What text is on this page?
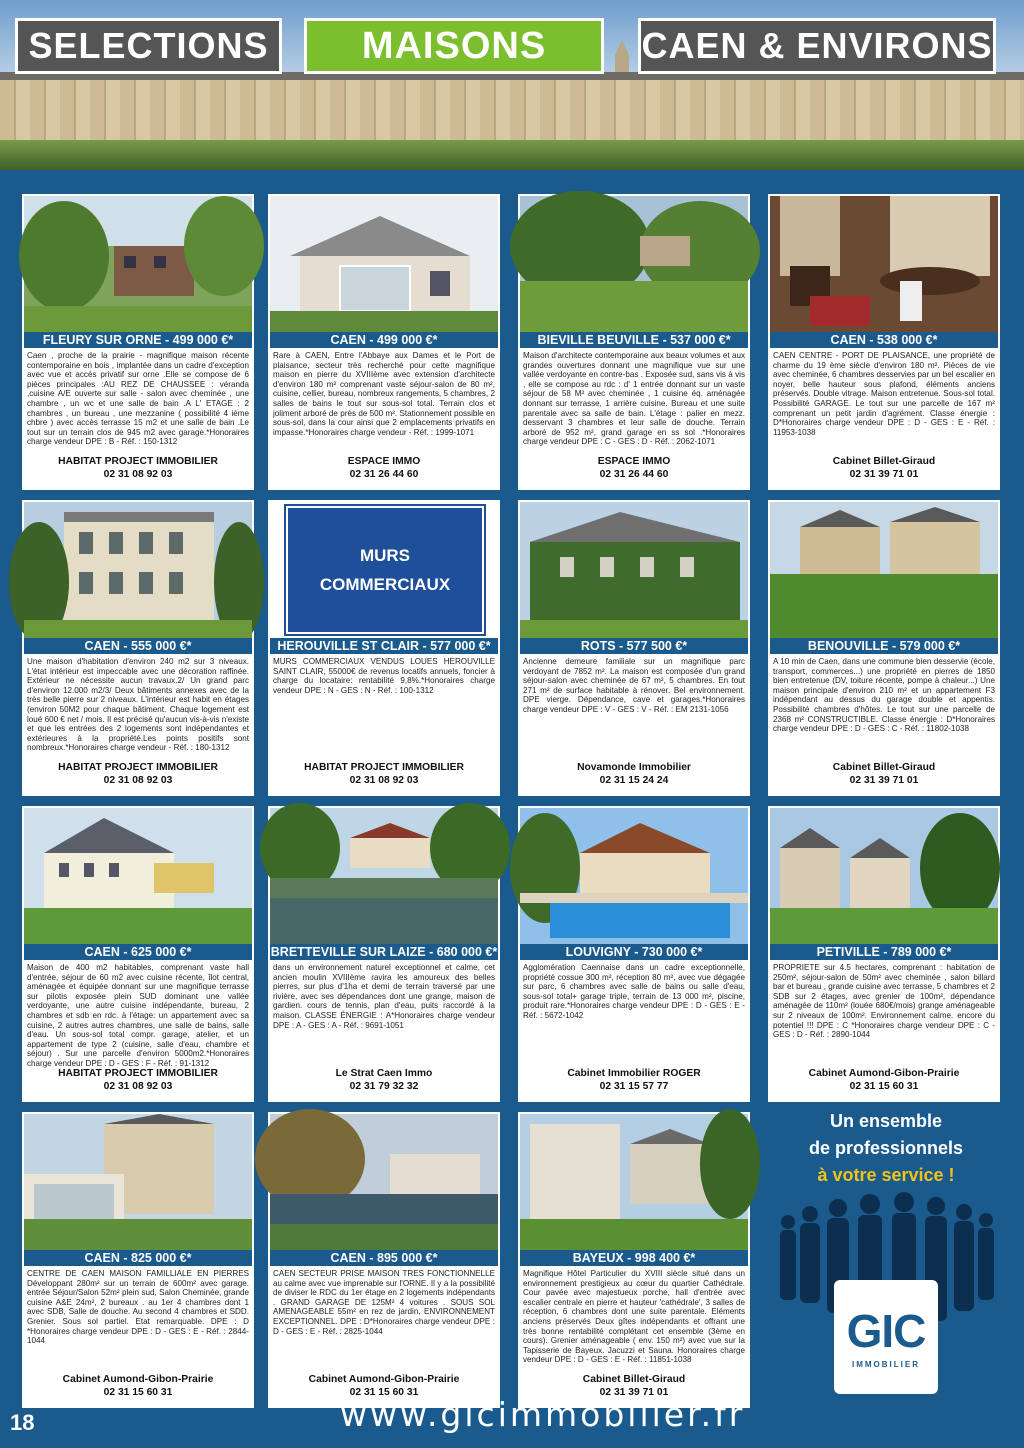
SELECTIONS	MAISONS	CAEN & ENVIRONS
FLEURY SUR ORNE - 499 000 €*
Caen , proche de la prairie - magnifique maison récente contemporaine en bois , implantée dans un cadre d'exception avec vue et accès privatif sur orne .Elle se compose de 6 pièces principales :AU REZ DE CHAUSSEE : véranda ,cuisine A/E ouverte sur salle - salon avec cheminée , une chambre , un wc et une salle de bain .A L' ETAGE : 2 chambres , un bureau , une mezzanine ( possibilité 4 ième chbre ) avec accès terrasse 15 m2 et une salle de bain .Le tout sur un terrain clos de 945 m2 avec garage.*Honoraires charge vendeur DPE : B - Réf. : 150-1312
HABITAT PROJECT IMMOBILIER
02 31 08 92 03
CAEN - 499 000 €*
Rare à CAEN, Entre l'Abbaye aux Dames et le Port de plaisance, secteur très recherché pour cette magnifique maison en pierre du XVIIIème avec extension d'architecte d'environ 180 m² comprenant vaste séjour-salon de 80 m², cuisine, cellier, bureau, nombreux rangements, 5 chambres, 2 salles de bains le tout sur sous-sol total. Terrain clos et joliment arboré de près de 500 m². Stationnement possible en sous-sol, dans la cour ainsi que 2 emplacements privatifs en impasse.*Honoraires charge vendeur - Réf. : 1999-1071
ESPACE IMMO
02 31 26 44 60
BIEVILLE BEUVILLE - 537 000 €*
Maison d'architecte contemporaine aux beaux volumes et aux grandes ouvertures donnant une magnifique vue sur une vallée verdoyante en contre-bas . Exposée sud, sans vis à vis , elle se compose au rdc : d' 1 entrée donnant sur un vaste séjour de 58 M² avec cheminée , 1 cuisine éq. aménagée donnant sur terrasse, 1 arrière cuisine. Bureau et une suite parentale avec sa salle de bain. L'étage : palier en mezz. desservant 3 chambres et leur salle de douche. Terrain arboré de 952 m², grand garage en ss sol .*Honoraires charge vendeur DPE : C - GES : D - Réf. : 2062-1071
ESPACE IMMO
02 31 26 44 60
CAEN - 538 000 €*
CAEN CENTRE - PORT DE PLAISANCE, une propriété de charme du 19 ème siècle d'environ 180 m². Pièces de vie avec cheminée, 6 chambres desservies par un bel escalier en noyer, belle hauteur sous plafond, éléments anciens préservés. Double vitrage. Maison entretenue. Sous-sol total. Possibilité GARAGE. Le tout sur une parcelle de 167 m² comprenant un petit jardin d'agrément. Classe énergie : D*Honoraires charge vendeur DPE : D - GES : E - Réf. : 11953-1038
Cabinet Billet-Giraud
02 31 39 71 01
CAEN - 555 000 €*
Une maison d'habitation d'environ 240 m2 sur 3 niveaux. L'état intérieur est impeccable avec une décoration raffinée. Extérieur ne nécessite aucun travaux.2/ Un grand parc d'environ 12.000 m2/3/ Deux bâtiments annexes avec de la très belle pierre sur 2 niveaux. L'intérieur est habit en étages (environ 50M2 pour chaque bâtiment. Chaque logement est loué 600 € net / mois. Il est précisé qu'aucun vis-à-vis n'existe et que les entrées des 2 logements sont indépendantes et extérieures à la propriété.Les points positifs sont nombreux.*Honoraires charge vendeur - Réf. : 180-1312
HABITAT PROJECT IMMOBILIER
02 31 08 92 03
MURS
COMMERCIAUX
HEROUVILLE ST CLAIR - 577 000 €*
MURS COMMERCIAUX VENDUS LOUES HEROUVILLE SAINT CLAIR, 55000€ de revenus locatifs annuels, foncier à charge du locataire: rentabilité 9,8%.*Honoraires charge vendeur DPE : N - GES : N - Réf. : 100-1312
HABITAT PROJECT IMMOBILIER
02 31 08 92 03
ROTS - 577 500 €*
Ancienne demeure familiale sur un magnifique parc verdoyant de 7852 m². La maison est composée d'un grand séjour-salon avec cheminée de 67 m², 5 chambres. En tout 271 m² de surface habitable à rénover. Bel environnement. DPE vierge. Dépendance, cave et garages.*Honoraires charge vendeur DPE : V - GES : V - Réf. : EM 2131-1056
Novamonde Immobilier
02 31 15 24 24
BENOUVILLE - 579 000 €*
A 10 min de Caen, dans une commune bien desservie (école, transport, commerces...) une propriété en pierres de 1850 bien entretenue (DV, toiture récente, pompe à chaleur...) Une maison principale d'environ 210 m² et un appartement F3 indépendant au dessus du garage double et appentis. Possibilité chambres d'hôtes. Le tout sur une parcelle de 2368 m² CONSTRUCTIBLE. Classe énergie : D*Honoraires charge vendeur DPE : D - GES : C - Réf. : 11802-1038
Cabinet Billet-Giraud
02 31 39 71 01
CAEN - 625 000 €*
Maison de 400 m2 habitables, comprenant vaste hall d'entrée, séjour de 60 m2 avec cuisine récente, îlot central, aménagée et équipée donnant sur une magnifique terrasse sur pilotis exposée plein SUD dominant une vallée verdoyante, une autre cuisine indépendante, bureau, 2 chambres et sdb en rdc. à l'étage: un appartement avec sa cuisine, 2 autres autres chambres, une salle de bains, salle d'eau. Un sous-sol total compr. garage, atelier, et un appartement de type 2 (cuisine, salle d'eau, chambre et séjour) . Sur une parcelle d'environ 5000m2.*Honoraires charge vendeur DPE : D - GES : F - Réf. : 91-1312
HABITAT PROJECT IMMOBILIER
02 31 08 92 03
BRETTEVILLE SUR LAIZE - 680 000 €*
dans un environnement naturel exceptionnel et calme, cet ancien moulin XVIIIème ravira les amoureux des belles pierres, sur plus d'1ha et demi de terrain traversé par une rivière, avec ses dépendances dont une grange, maison de gardien. cours de tennis, plan d'eau, puits raccordé à la maison. CLASSE ÉNERGIE : A*Honoraires charge vendeur DPE : A - GES : A - Réf. : 9691-1051
Le Strat Caen Immo
02 31 79 32 32
LOUVIGNY - 730 000 €*
Agglomération Caennaise dans un cadre exceptionnelle, propriété cossue 300 m², réception 80 m², avec vue dégagée sur parc, 6 chambres avec salle de bains ou salle d'eau, sous-sol total+ garage triple, terrain de 13 000 m², piscine, produit rare.*Honoraires charge vendeur DPE : D - GES : E - Réf. : 5672-1042
Cabinet Immobilier ROGER
02 31 15 57 77
PETIVILLE - 789 000 €*
PROPRIETE sur 4.5 hectares, comprenant : habitation de 250m², séjour-salon de 50m² avec cheminée , salon billard bar et bureau , grande cuisine avec terrasse, 5 chambres et 2 SDB sur 2 étages, avec grenier de 100m², dépendance aménagée de 110m² (louée 680€/mois) grange aménageable sur 2 niveaux de 100m². Environnement calme. encore du potentiel !!! DPE : C *Honoraires charge vendeur DPE : C - GES : D - Réf. : 2890-1044
Cabinet Aumond-Gibon-Prairie
02 31 15 60 31
CAEN - 825 000 €*
CENTRE DE CAEN MAISON FAMILLIALE EN PIERRES Développant 280m² sur un terrain de 600m² avec garage. entrée Séjour/Salon 52m² plein sud, Salon Cheminée, grande cuisine A&E 24m², 2 bureaux . au 1er 4 chambres dont 1 avec SDB, Salle de douche. Au second 4 chambres et SDD. Grenier. Sous sol partiel. Etat remarquable. DPE : D *Honoraires charge vendeur DPE : D - GES : E - Réf. : 2844-1044
Cabinet Aumond-Gibon-Prairie
02 31 15 60 31
CAEN - 895 000 €*
CAEN SECTEUR PRISE MAISON TRES FONCTIONNELLE au calme avec vue imprenable sur l'ORNE. Il y a la possibilité de diviser le RDC du 1er étage en 2 logements indépendants . GRAND GARAGE DE 125M² 4 voitures . SOUS SOL AMENAGEABLE 55m² en rez de jardin, ENVIRONNEMENT EXCEPTIONNEL. DPE : D*Honoraires charge vendeur DPE : D - GES : E - Réf. : 2825-1044
Cabinet Aumond-Gibon-Prairie
02 31 15 60 31
BAYEUX - 998 400 €*
Magnifique Hôtel Particulier du XVIII siècle situé dans un environnement prestigieux au cœur du quartier Cathédrale. Cour pavée avec majestueux porche, hall d'entrée avec escalier centrale en pierre et hauteur 'cathédrale', 3 salles de réception, 6 chambres dont une suite parentale. Eléments anciens préservés Deux gîtes indépendants et offrant une très bonne rentabilité complétant cet ensemble (3ème en cours). Grenier aménageable ( env. 150 m²) avec vue sur la Tapisserie de Bayeux. Jacuzzi et Sauna. Honoraires charge vendeur DPE : D - GES : E - Réf. : 11851-1038
Cabinet Billet-Giraud
02 31 39 71 01
Un ensemble
de professionnels
à votre service !
GIC
IMMOBILIER
18	www.gicimmobilier.fr
